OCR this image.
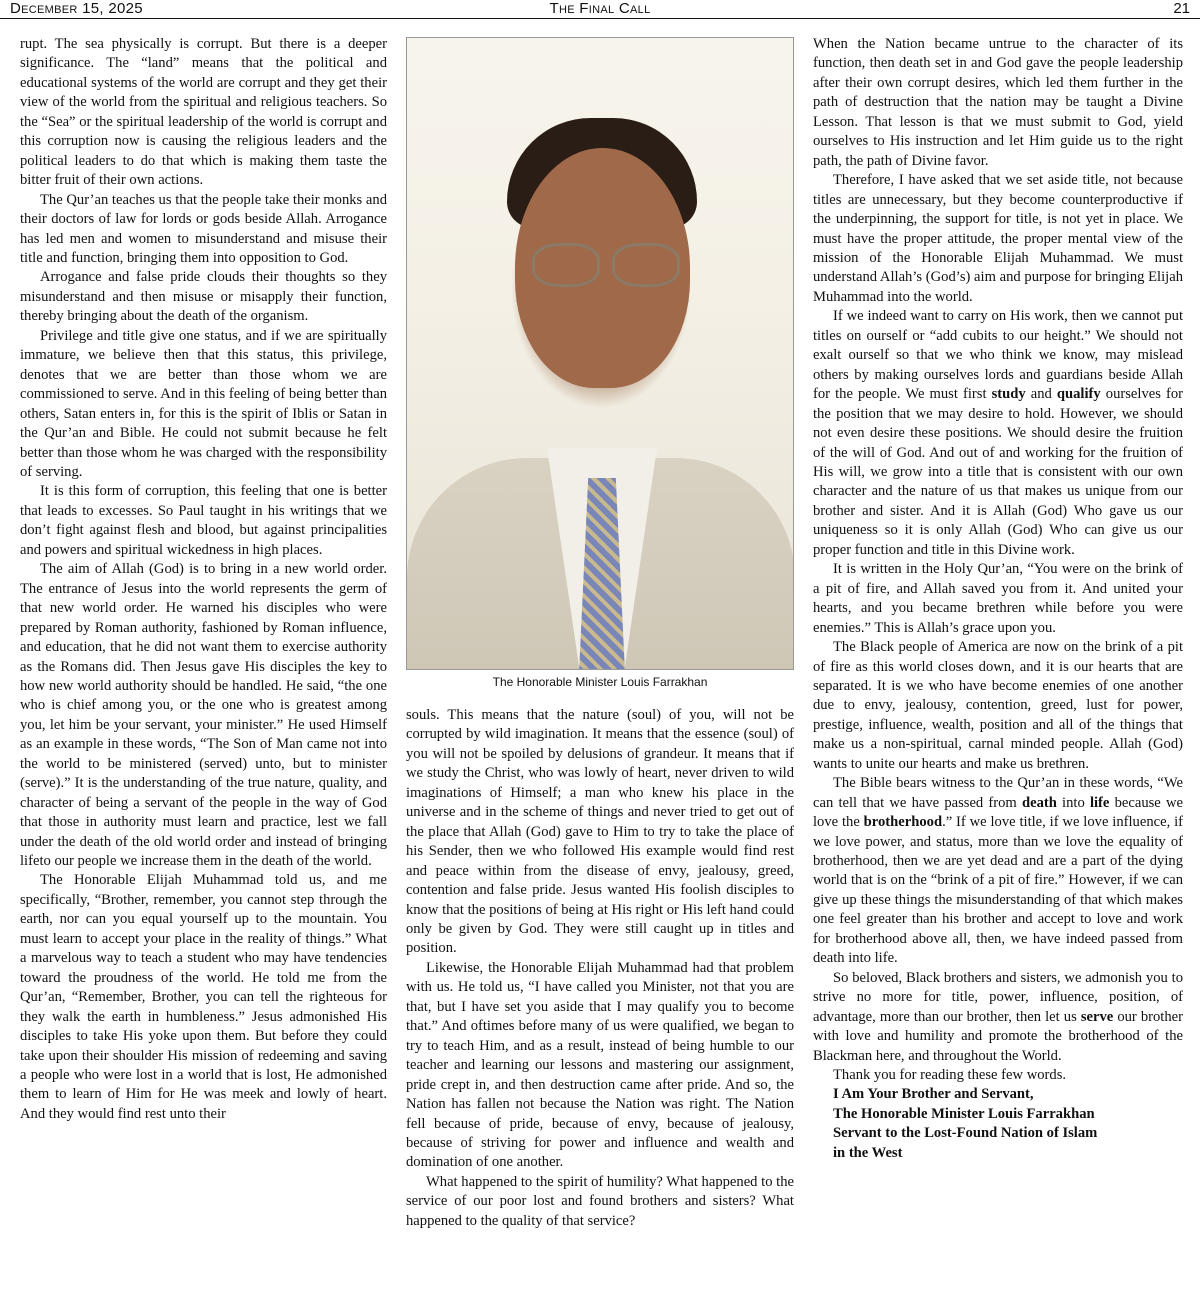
December 15, 2025	The Final Call	21

rupt. The sea physically is corrupt. But there is a deeper significance. The “land” means that the political and educational systems of the world are corrupt and they get their view of the world from the spiritual and religious teachers. So the “Sea” or the spiritual leadership of the world is corrupt and this corruption now is causing the religious leaders and the political leaders to do that which is making them taste the bitter fruit of their own actions.

The Qur’an teaches us that the people take their monks and their doctors of law for lords or gods beside Allah. Arrogance has led men and women to misunderstand and misuse their title and function, bringing them into opposition to God.

Arrogance and false pride clouds their thoughts so they misunderstand and then misuse or misapply their function, thereby bringing about the death of the organism.

Privilege and title give one status, and if we are spiritually immature, we believe then that this status, this privilege, denotes that we are better than those whom we are commissioned to serve. And in this feeling of being better than others, Satan enters in, for this is the spirit of Iblis or Satan in the Qur’an and Bible. He could not submit because he felt better than those whom he was charged with the responsibility of serving.

It is this form of corruption, this feeling that one is better that leads to excesses. So Paul taught in his writings that we don’t fight against flesh and blood, but against principalities and powers and spiritual wickedness in high places.

The aim of Allah (God) is to bring in a new world order. The entrance of Jesus into the world represents the germ of that new world order. He warned his disciples who were prepared by Roman authority, fashioned by Roman influence, and education, that he did not want them to exercise authority as the Romans did. Then Jesus gave His disciples the key to how new world authority should be handled. He said, “the one who is chief among you, or the one who is greatest among you, let him be your servant, your minister.” He used Himself as an example in these words, “The Son of Man came not into the world to be ministered (served) unto, but to minister (serve).” It is the understanding of the true nature, quality, and character of being a servant of the people in the way of God that those in authority must learn and practice, lest we fall under the death of the old world order and instead of bringing lifeto our people we increase them in the death of the world.

The Honorable Elijah Muhammad told us, and me specifically, “Brother, remember, you cannot step through the earth, nor can you equal yourself up to the mountain. You must learn to accept your place in the reality of things.” What a marvelous way to teach a student who may have tendencies toward the proudness of the world. He told me from the Qur’an, “Remember, Brother, you can tell the righteous for they walk the earth in humbleness.” Jesus admonished His disciples to take His yoke upon them. But before they could take upon their shoulder His mission of redeeming and saving a people who were lost in a world that is lost, He admonished them to learn of Him for He was meek and lowly of heart. And they would find rest unto their

The Honorable Minister Louis Farrakhan

souls. This means that the nature (soul) of you, will not be corrupted by wild imagination. It means that the essence (soul) of you will not be spoiled by delusions of grandeur. It means that if we study the Christ, who was lowly of heart, never driven to wild imaginations of Himself; a man who knew his place in the universe and in the scheme of things and never tried to get out of the place that Allah (God) gave to Him to try to take the place of his Sender, then we who followed His example would find rest and peace within from the disease of envy, jealousy, greed, contention and false pride. Jesus wanted His foolish disciples to know that the positions of being at His right or His left hand could only be given by God. They were still caught up in titles and position.

Likewise, the Honorable Elijah Muhammad had that problem with us. He told us, “I have called you Minister, not that you are that, but I have set you aside that I may qualify you to become that.” And oftimes before many of us were qualified, we began to try to teach Him, and as a result, instead of being humble to our teacher and learning our lessons and mastering our assignment, pride crept in, and then destruction came after pride. And so, the Nation has fallen not because the Nation was right. The Nation fell because of pride, because of envy, because of jealousy, because of striving for power and influence and wealth and domination of one another.

What happened to the spirit of humility? What happened to the service of our poor lost and found brothers and sisters? What happened to the quality of that service?

When the Nation became untrue to the character of its function, then death set in and God gave the people leadership after their own corrupt desires, which led them further in the path of destruction that the nation may be taught a Divine Lesson. That lesson is that we must submit to God, yield ourselves to His instruction and let Him guide us to the right path, the path of Divine favor.

Therefore, I have asked that we set aside title, not because titles are unnecessary, but they become counterproductive if the underpinning, the support for title, is not yet in place. We must have the proper attitude, the proper mental view of the mission of the Honorable Elijah Muhammad. We must understand Allah’s (God’s) aim and purpose for bringing Elijah Muhammad into the world.

If we indeed want to carry on His work, then we cannot put titles on ourself or “add cubits to our height.” We should not exalt ourself so that we who think we know, may mislead others by making ourselves lords and guardians beside Allah for the people. We must first study and qualify ourselves for the position that we may desire to hold. However, we should not even desire these positions. We should desire the fruition of the will of God. And out of and working for the fruition of His will, we grow into a title that is consistent with our own character and the nature of us that makes us unique from our brother and sister. And it is Allah (God) Who gave us our uniqueness so it is only Allah (God) Who can give us our proper function and title in this Divine work.

It is written in the Holy Qur’an, “You were on the brink of a pit of fire, and Allah saved you from it. And united your hearts, and you became brethren while before you were enemies.” This is Allah’s grace upon you.

The Black people of America are now on the brink of a pit of fire as this world closes down, and it is our hearts that are separated. It is we who have become enemies of one another due to envy, jealousy, contention, greed, lust for power, prestige, influence, wealth, position and all of the things that make us a non-spiritual, carnal minded people. Allah (God) wants to unite our hearts and make us brethren.

The Bible bears witness to the Qur’an in these words, “We can tell that we have passed from death into life because we love the brotherhood.” If we love title, if we love influence, if we love power, and status, more than we love the equality of brotherhood, then we are yet dead and are a part of the dying world that is on the “brink of a pit of fire.” However, if we can give up these things the misunderstanding of that which makes one feel greater than his brother and accept to love and work for brotherhood above all, then, we have indeed passed from death into life.

So beloved, Black brothers and sisters, we admonish you to strive no more for title, power, influence, position, of advantage, more than our brother, then let us serve our brother with love and humility and promote the brotherhood of the Blackman here, and throughout the World.

Thank you for reading these few words.

I Am Your Brother and Servant,

The Honorable Minister Louis Farrakhan

Servant to the Lost-Found Nation of Islam

in the West
